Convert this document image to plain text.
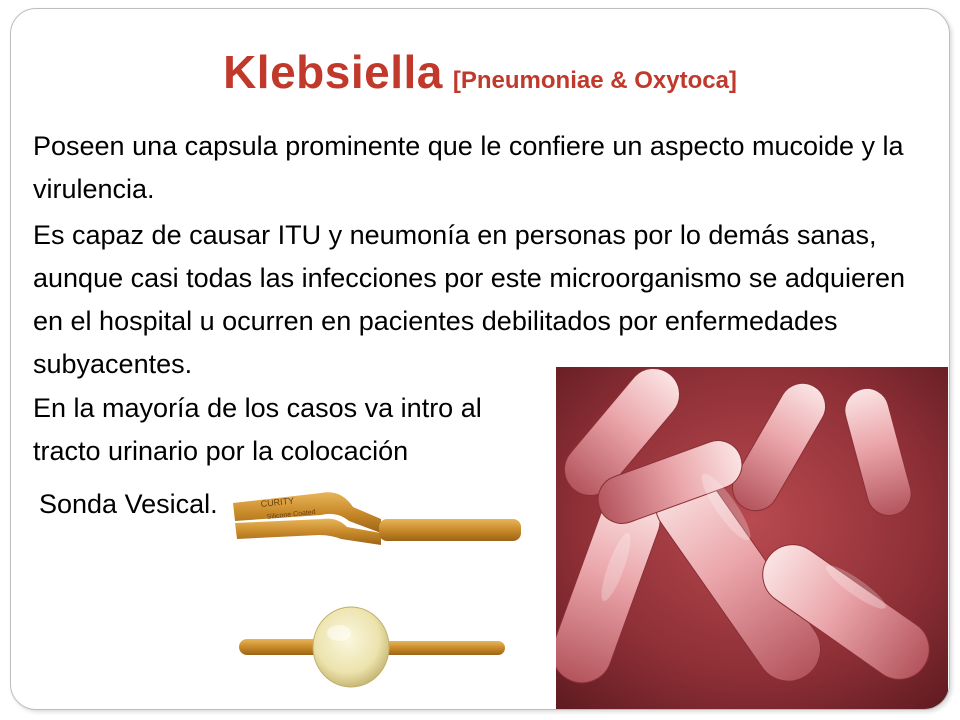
Klebsiella [Pneumoniae & Oxytoca]

Poseen una capsula prominente que le confiere un aspecto mucoide y la virulencia.

Es capaz de causar ITU y neumonía en personas por lo demás sanas, aunque casi todas las infecciones por este microorganismo se adquieren en el hospital u ocurren en pacientes debilitados por enfermedades subyacentes.

En la mayoría de los casos va intro al tracto urinario por la colocación

Sonda Vesical.	CURITY
Silicone Coated
